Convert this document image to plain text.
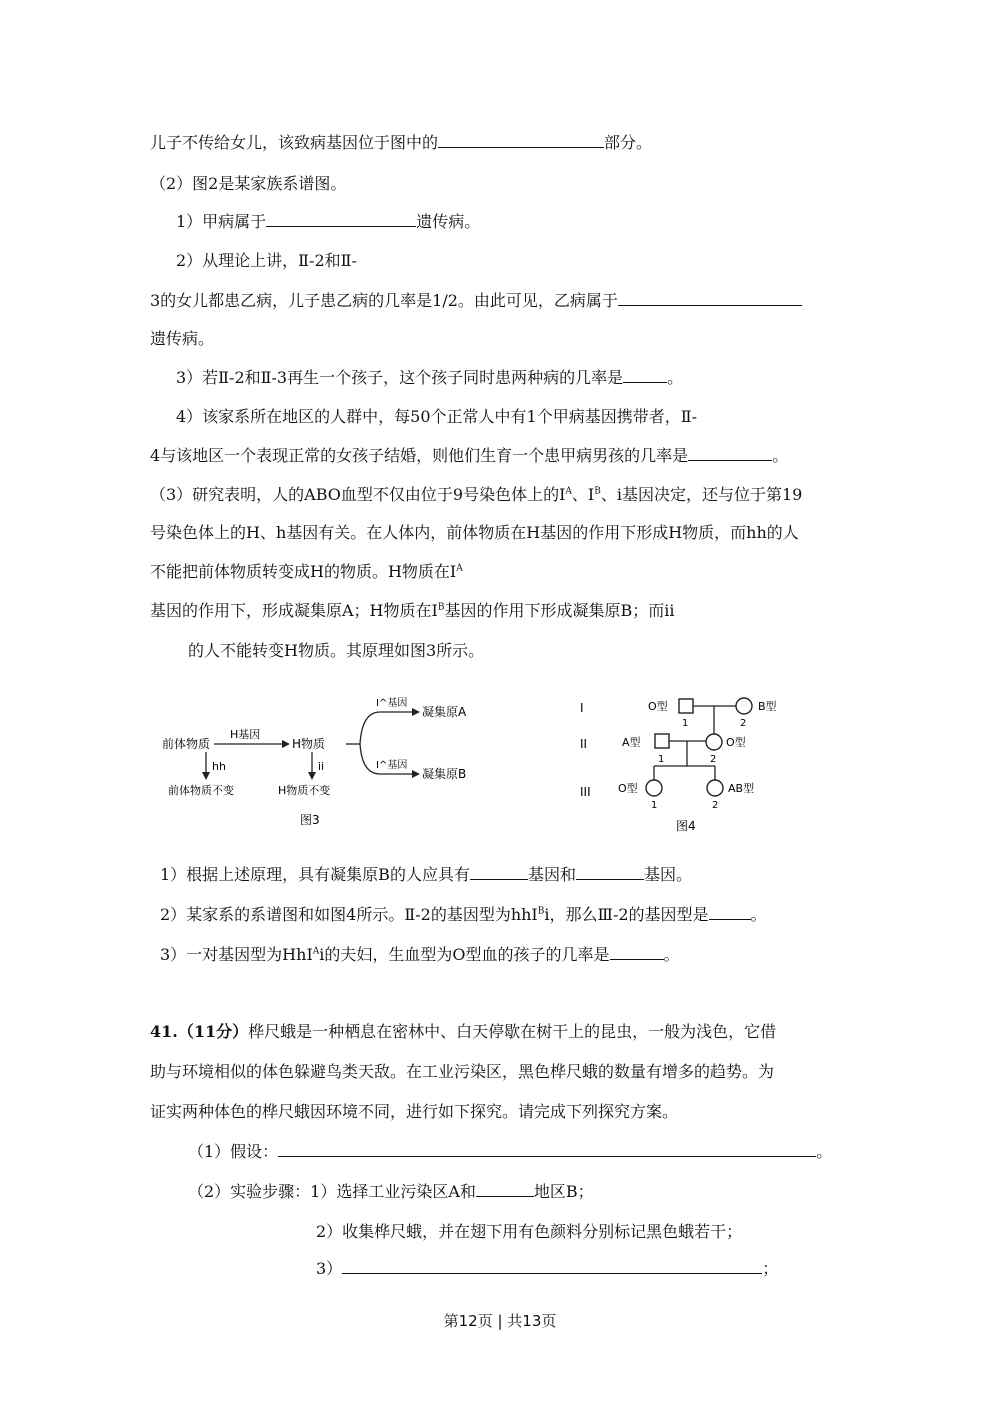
儿子不传给女儿，该致病基因位于图中的	部分。
（2）图2是某家族系谱图。
1）甲病属于	遗传病。
2）从理论上讲，Ⅱ-2和Ⅱ-
3的女儿都患乙病，儿子患乙病的几率是1/2。由此可见，乙病属于
遗传病。
3）若Ⅱ-2和Ⅱ-3再生一个孩子，这个孩子同时患两种病的几率是	。
4）该家系所在地区的人群中，每50个正常人中有1个甲病基因携带者，Ⅱ-
4与该地区一个表现正常的女孩子结婚，则他们生育一个患甲病男孩的几率是	。
（3）研究表明，人的ABO血型不仅由位于9号染色体上的$I^A$、$I^B$、i基因决定，还与位于第19
号染色体上的H、h基因有关。在人体内，前体物质在H基因的作用下形成H物质，而hh的人
不能把前体物质转变成H的物质。H物质在$I^A$
基因的作用下，形成凝集原A；H物质在$I^B$基因的作用下形成凝集原B；而ii
的人不能转变H物质。其原理如图3所示。
前体物质
H基因
H物质
I^基因
I^基因
凝集原A
凝集原B
hh
前体物质不变
ii
H物质不变
图3
I
II
III
O型	B型
1	2
A型	O型
1	2
O型	AB型
1	2
图4
1）根据上述原理，具有凝集原B的人应具有	基因和	基因。
2）某家系的系谱图和如图4所示。Ⅱ-2的基因型为hhI$^B$i，那么Ⅲ-2的基因型是	。
3）一对基因型为HhI$^A$i的夫妇，生血型为O型血的孩子的几率是	。
41.（11分）桦尺蛾是一种栖息在密林中、白天停歇在树干上的昆虫，一般为浅色，它借
助与环境相似的体色躲避鸟类天敌。在工业污染区，黑色桦尺蛾的数量有增多的趋势。为
证实两种体色的桦尺蛾因环境不同，进行如下探究。请完成下列探究方案。
（1）假设：	。
（2）实验步骤：1）选择工业污染区A和	地区B；
2）收集桦尺蛾，并在翅下用有色颜料分别标记黑色蛾若干；
3）	；
第12页 | 共13页
